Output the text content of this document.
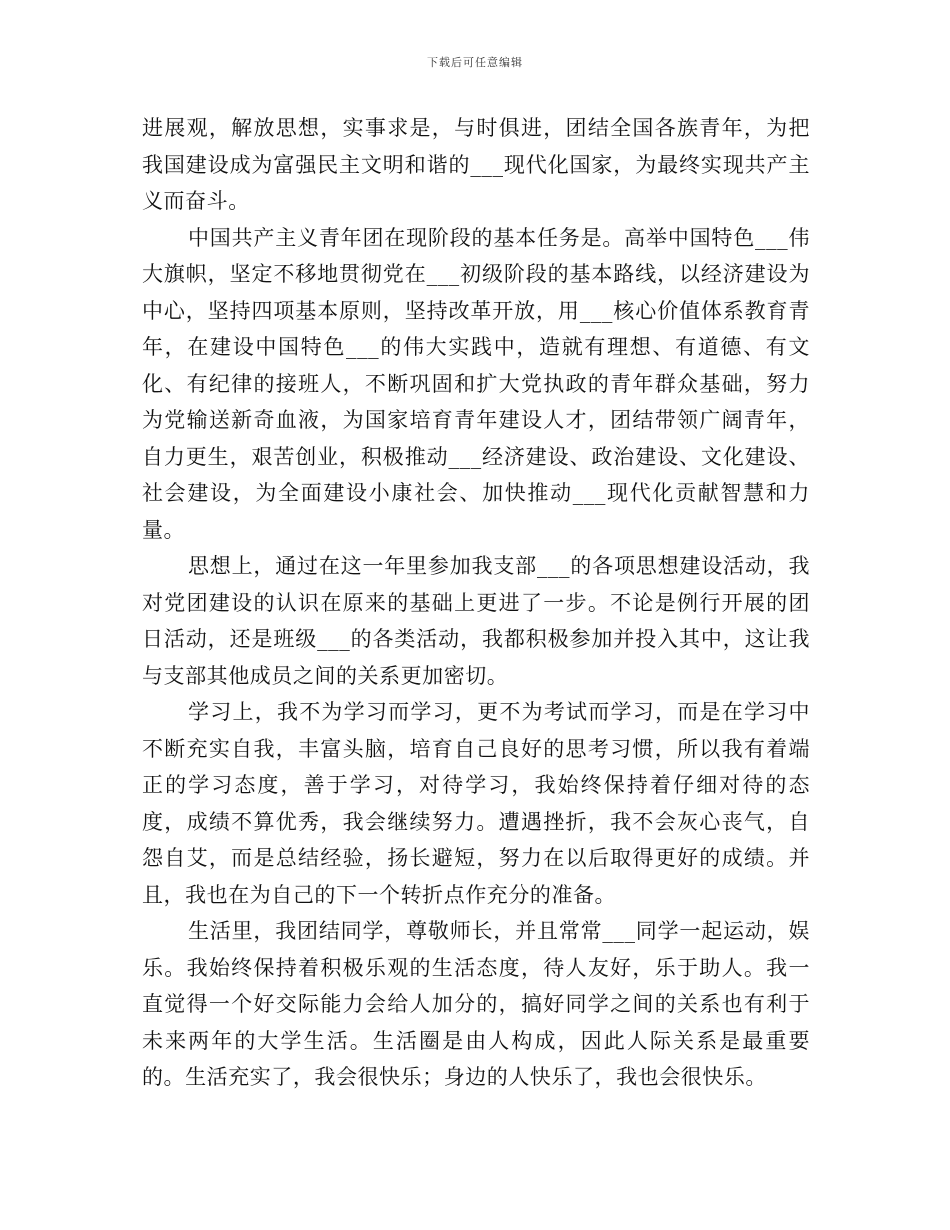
下载后可任意编辑

进展观，解放思想，实事求是，与时俱进，团结全国各族青年，为把我国建设成为富强民主文明和谐的___现代化国家，为最终实现共产主义而奋斗。

中国共产主义青年团在现阶段的基本任务是。高举中国特色___伟大旗帜，坚定不移地贯彻党在___初级阶段的基本路线，以经济建设为中心，坚持四项基本原则，坚持改革开放，用___核心价值体系教育青年，在建设中国特色___的伟大实践中，造就有理想、有道德、有文化、有纪律的接班人，不断巩固和扩大党执政的青年群众基础，努力为党输送新奇血液，为国家培育青年建设人才，团结带领广阔青年，自力更生，艰苦创业，积极推动___经济建设、政治建设、文化建设、社会建设，为全面建设小康社会、加快推动___现代化贡献智慧和力量。

思想上，通过在这一年里参加我支部___的各项思想建设活动，我对党团建设的认识在原来的基础上更进了一步。不论是例行开展的团日活动，还是班级___的各类活动，我都积极参加并投入其中，这让我与支部其他成员之间的关系更加密切。

学习上，我不为学习而学习，更不为考试而学习，而是在学习中不断充实自我，丰富头脑，培育自己良好的思考习惯，所以我有着端正的学习态度，善于学习，对待学习，我始终保持着仔细对待的态度，成绩不算优秀，我会继续努力。遭遇挫折，我不会灰心丧气，自怨自艾，而是总结经验，扬长避短，努力在以后取得更好的成绩。并且，我也在为自己的下一个转折点作充分的准备。

生活里，我团结同学，尊敬师长，并且常常___同学一起运动，娱乐。我始终保持着积极乐观的生活态度，待人友好，乐于助人。我一直觉得一个好交际能力会给人加分的，搞好同学之间的关系也有利于未来两年的大学生活。生活圈是由人构成，因此人际关系是最重要的。生活充实了，我会很快乐；身边的人快乐了，我也会很快乐。
